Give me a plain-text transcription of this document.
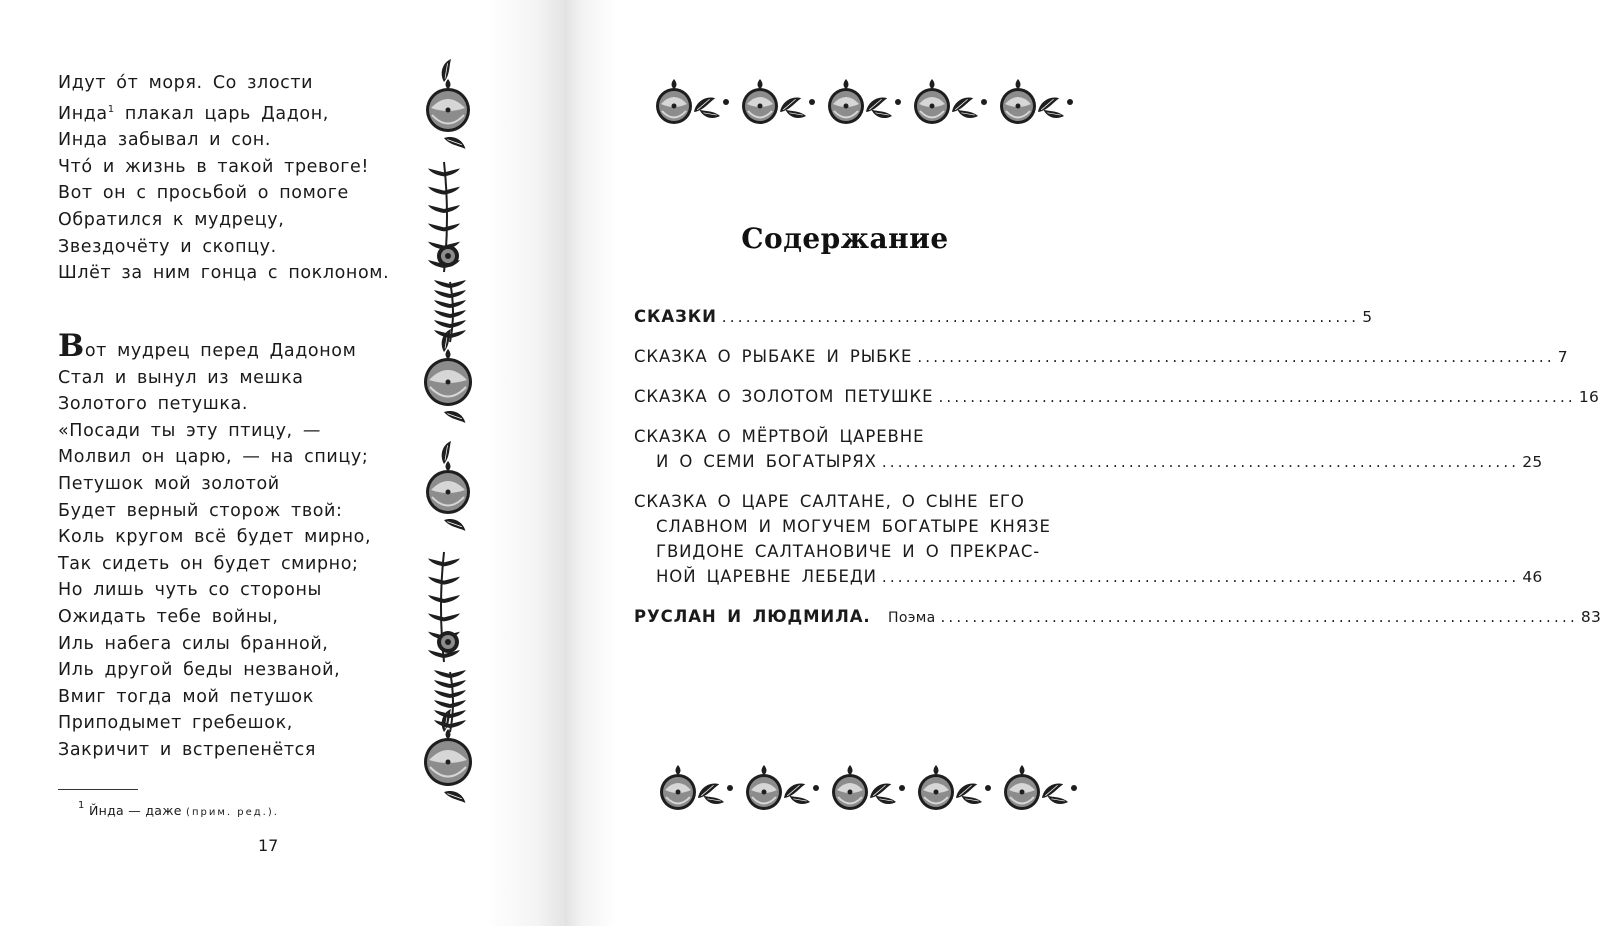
Идут о́т моря. Со злости
Инда$^1$ плакал царь Дадон,
Инда забывал и сон.
Что́ и жизнь в такой тревоге!
Вот он с просьбой о помоге
Обратился к мудрецу,
Звездочёту и скопцу.
Шлёт за ним гонца с поклоном.
Вот мудрец перед Дадоном
Стал и вынул из мешка
Золотого петушка.
«Посади ты эту птицу, —
Молвил он царю, — на спицу;
Петушок мой золотой
Будет верный сторож твой:
Коль кругом всё будет мирно,
Так сидеть он будет смирно;
Но лишь чуть со стороны
Ожидать тебе войны,
Иль набега силы бранной,
Иль другой беды незваной,
Вмиг тогда мой петушок
Приподымет гребешок,
Закричит и встрепенётся
$^1$ Йнда — даже (прим. ред.).
17
Содержание
СКАЗКИ ................................................................................ 5
СКАЗКА О РЫБАКЕ И РЫБКЕ ................................................................................ 7
СКАЗКА О ЗОЛОТОМ ПЕТУШКЕ ................................................................................ 16
СКАЗКА О МЁРТВОЙ ЦАРЕВНЕ
И О СЕМИ БОГАТЫРЯХ ................................................................................ 25
СКАЗКА О ЦАРЕ САЛТАНЕ, О СЫНЕ ЕГО
СЛАВНОМ И МОГУЧЕМ БОГАТЫРЕ КНЯЗЕ
ГВИДОНЕ САЛТАНОВИЧЕ И О ПРЕКРАС-
НОЙ ЦАРЕВНЕ ЛЕБЕДИ ................................................................................ 46
РУСЛАН И ЛЮДМИЛА. Поэма ................................................................................ 83
